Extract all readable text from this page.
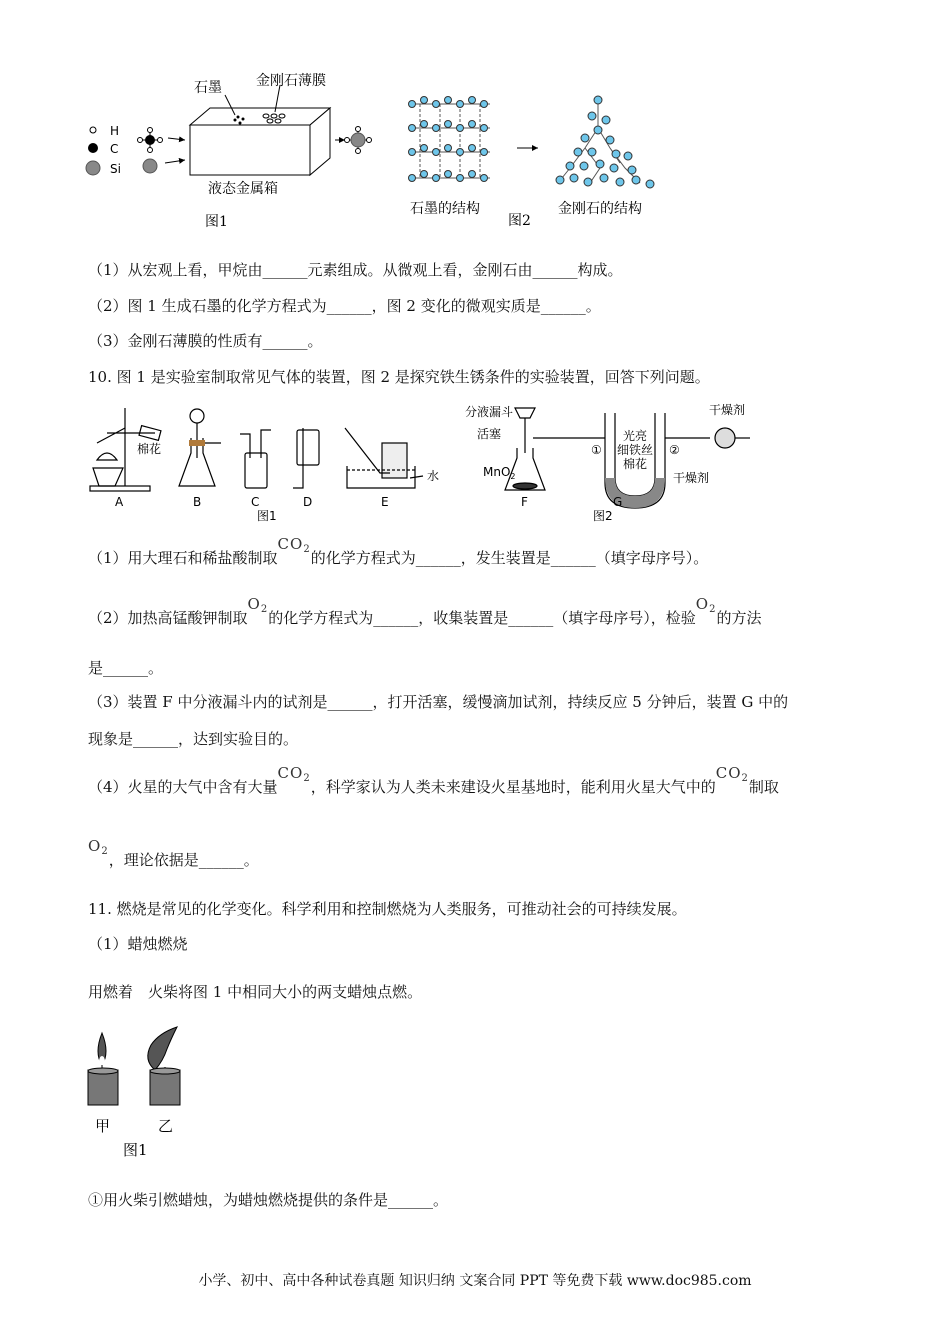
H
C
Si
石墨 金刚石薄膜
液态金属箱
图1
石墨的结构
图2
金刚石的结构
（1）从宏观上看，甲烷由______元素组成。从微观上看，金刚石由______构成。
（2）图 1 生成石墨的化学方程式为______，图 2 变化的微观实质是______。
（3）金刚石薄膜的性质有______。
10. 图 1 是实验室制取常见气体的装置，图 2 是探究铁生锈条件的实验装置，回答下列问题。
棉花
A	B	C	D	E
水
图1
分液漏斗
活塞
MnO$_2$
F	G
图2
光亮
细铁丝
棉花
①	②
干燥剂
干燥剂
（1）用大理石和稀盐酸制取$CO_2$的化学方程式为______，发生装置是______（填字母序号）。
（2）加热高锰酸钾制取$O_2$的化学方程式为______，收集装置是______（填字母序号），检验$O_2$的方法
是______。
（3）装置 F 中分液漏斗内的试剂是______，打开活塞，缓慢滴加试剂，持续反应 5 分钟后，装置 G 中的
现象是______，达到实验目的。
（4）火星的大气中含有大量$CO_2$，科学家认为人类未来建设火星基地时，能利用火星大气中的$CO_2$制取
$O_2$，理论依据是______。
11. 燃烧是常见的化学变化。科学利用和控制燃烧为人类服务，可推动社会的可持续发展。
（1）蜡烛燃烧
用燃着　火柴将图 1 中相同大小的两支蜡烛点燃。
甲	乙
图1
①用火柴引燃蜡烛，为蜡烛燃烧提供的条件是______。
小学、初中、高中各种试卷真题 知识归纳 文案合同 PPT 等免费下载 www.doc985.com
